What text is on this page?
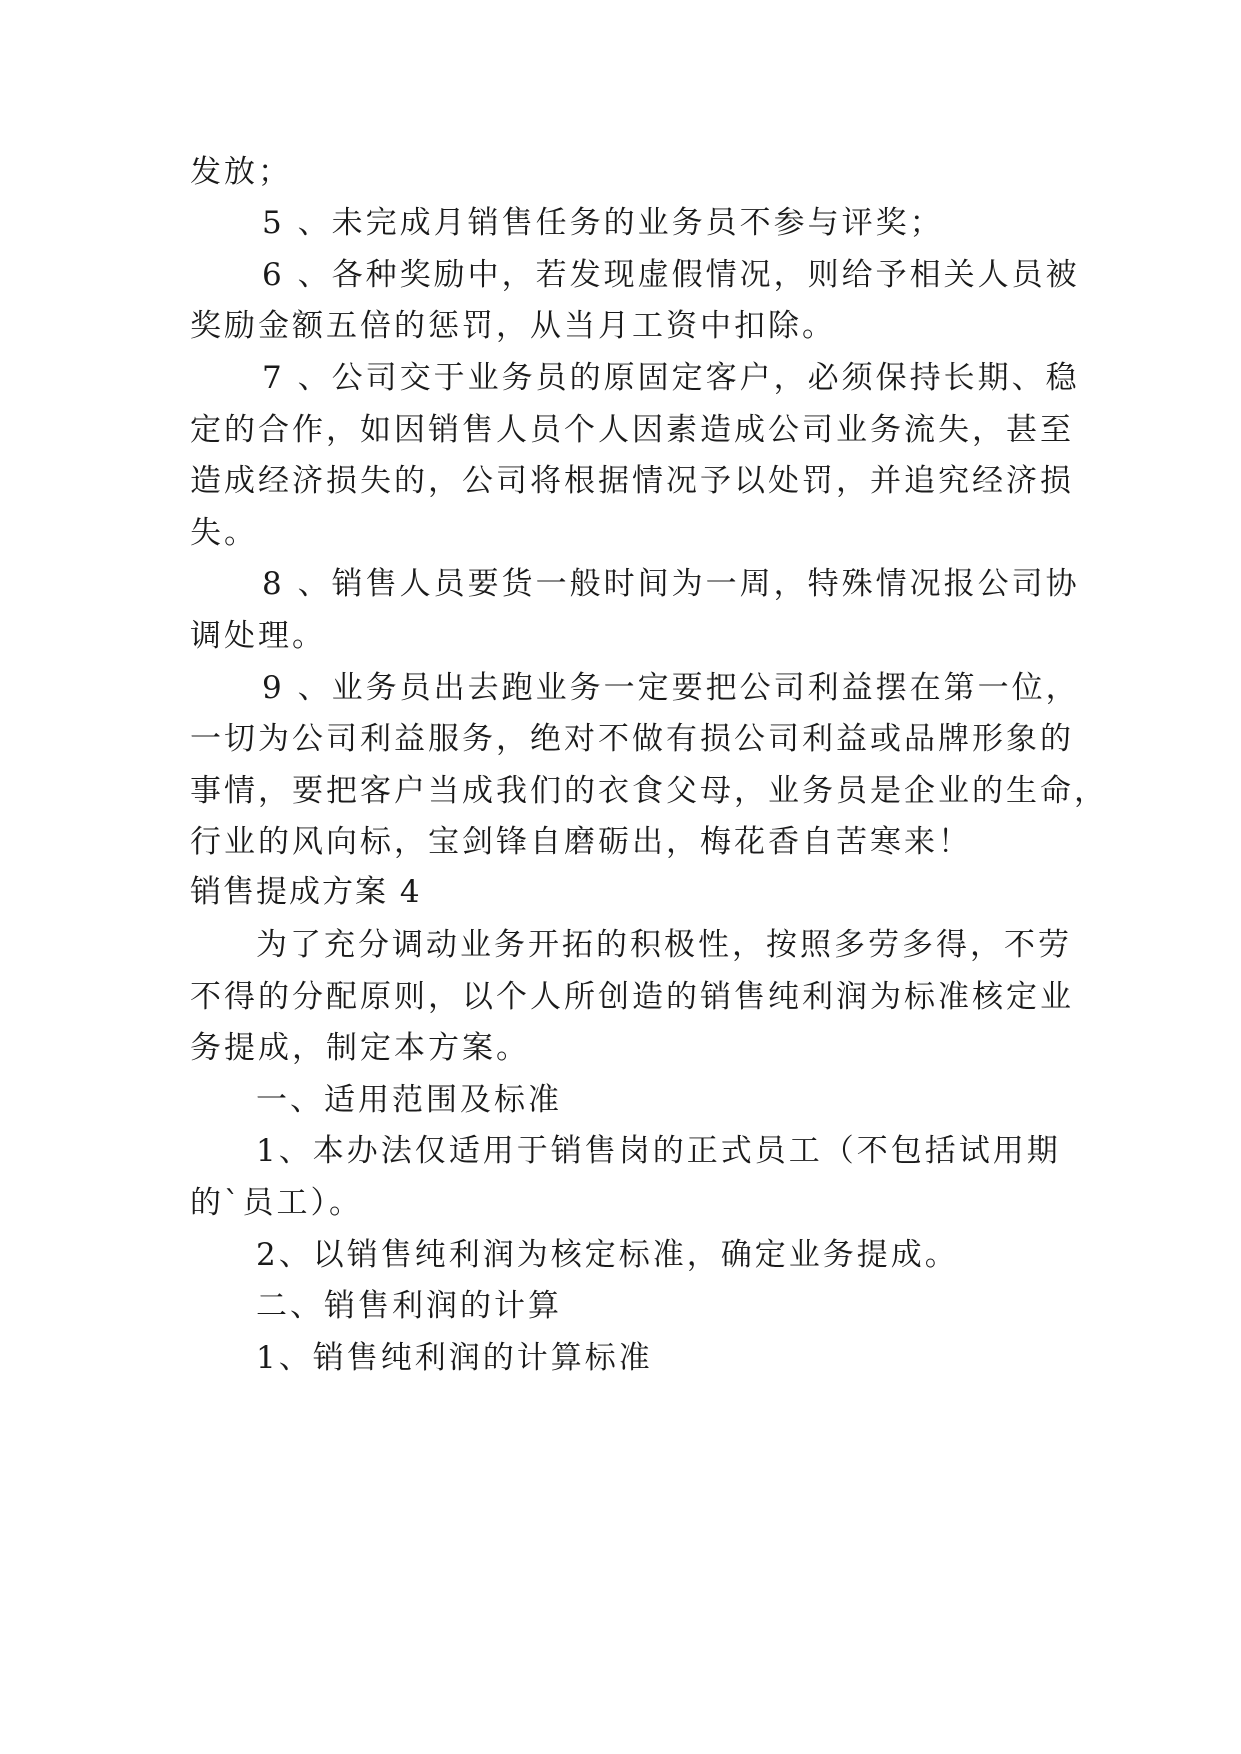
发放；
5 、未完成月销售任务的业务员不参与评奖；
6 、各种奖励中，若发现虚假情况，则给予相关人员被
奖励金额五倍的惩罚，从当月工资中扣除。
7 、公司交于业务员的原固定客户，必须保持长期、稳
定的合作，如因销售人员个人因素造成公司业务流失，甚至
造成经济损失的，公司将根据情况予以处罚，并追究经济损
失。
8 、销售人员要货一般时间为一周，特殊情况报公司协
调处理。
9 、业务员出去跑业务一定要把公司利益摆在第一位，
一切为公司利益服务，绝对不做有损公司利益或品牌形象的
事情，要把客户当成我们的衣食父母，业务员是企业的生命，
行业的风向标，宝剑锋自磨砺出，梅花香自苦寒来！
销售提成方案 4
为了充分调动业务开拓的积极性，按照多劳多得，不劳
不得的分配原则，以个人所创造的销售纯利润为标准核定业
务提成，制定本方案。
一、适用范围及标准
1、本办法仅适用于销售岗的正式员工（不包括试用期
的`员工）。
2、以销售纯利润为核定标准，确定业务提成。
二、销售利润的计算
1、销售纯利润的计算标准
